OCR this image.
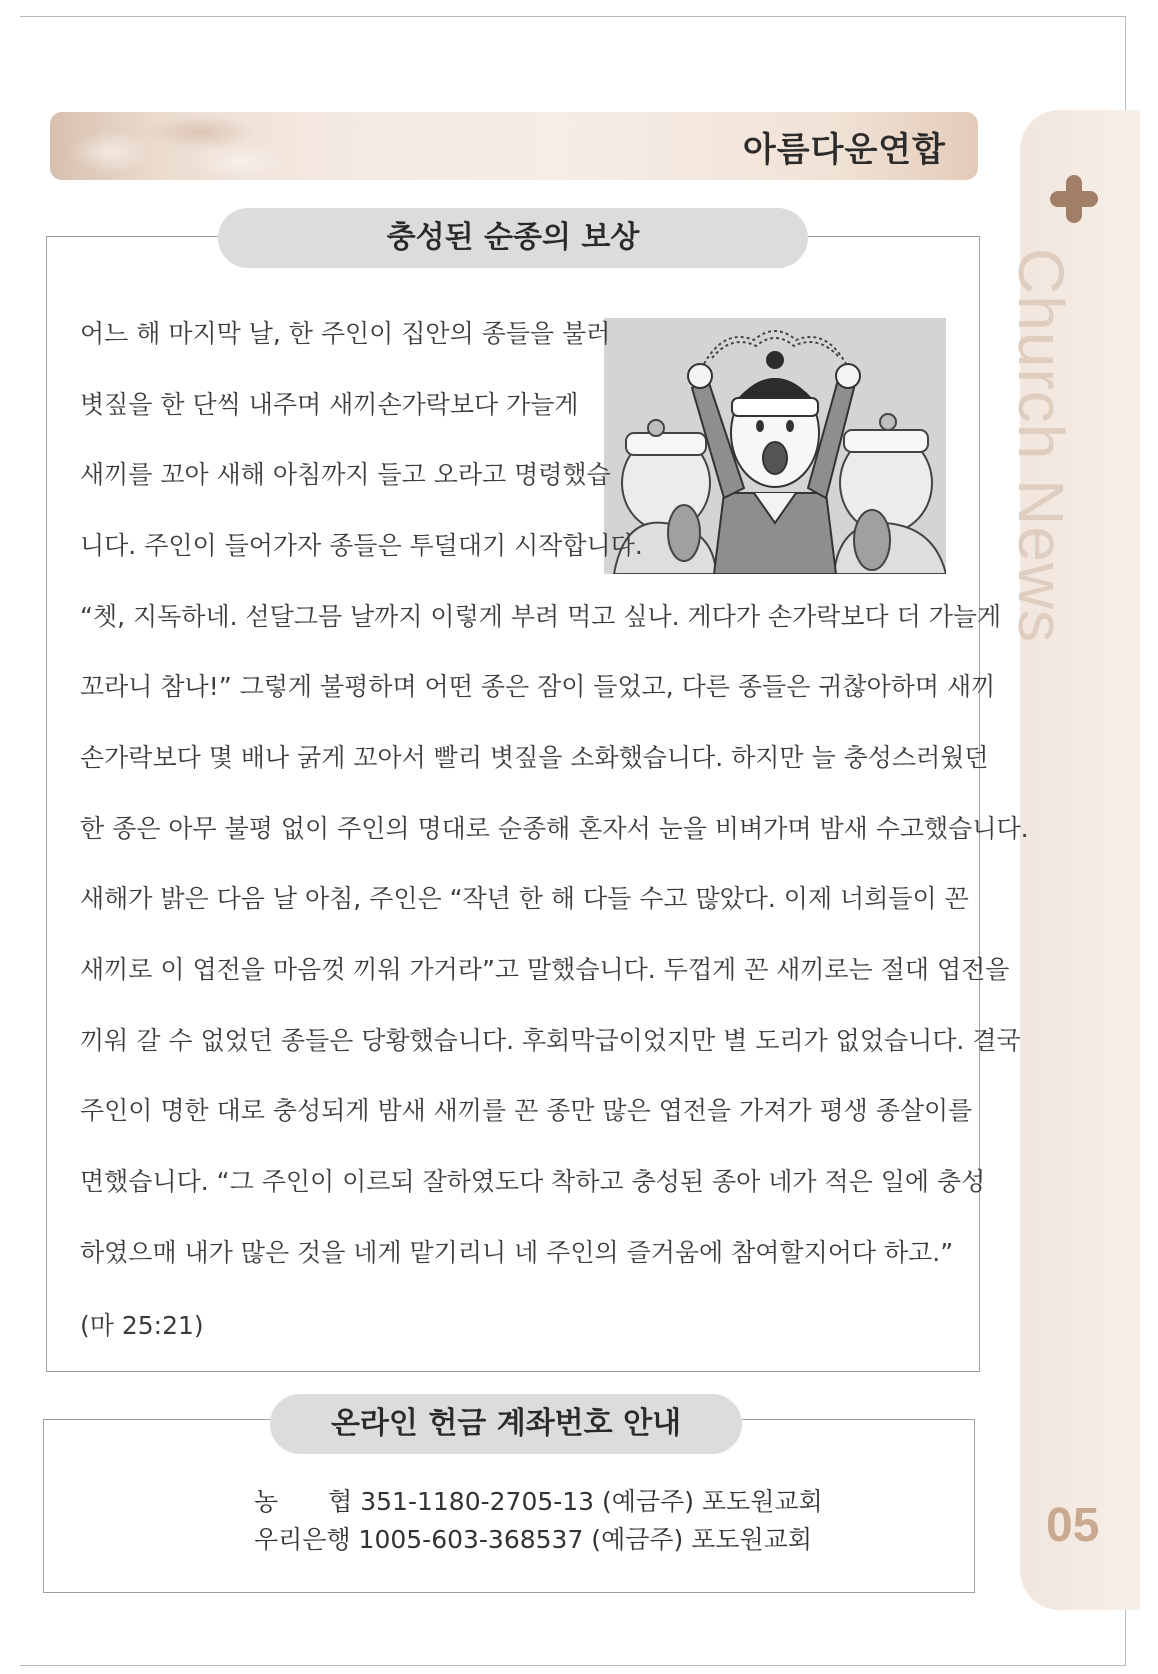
Church News
05
아름다운연합
충성된 순종의 보상
어느 해 마지막 날, 한 주인이 집안의 종들을 불러
볏짚을 한 단씩 내주며 새끼손가락보다 가늘게
새끼를 꼬아 새해 아침까지 들고 오라고 명령했습
니다. 주인이 들어가자 종들은 투덜대기 시작합니다.
“쳇, 지독하네. 섣달그믐 날까지 이렇게 부려 먹고 싶나. 게다가 손가락보다 더 가늘게
꼬라니 참나!” 그렇게 불평하며 어떤 종은 잠이 들었고, 다른 종들은 귀찮아하며 새끼
손가락보다 몇 배나 굵게 꼬아서 빨리 볏짚을 소화했습니다. 하지만 늘 충성스러웠던
한 종은 아무 불평 없이 주인의 명대로 순종해 혼자서 눈을 비벼가며 밤새 수고했습니다.
새해가 밝은 다음 날 아침, 주인은 “작년 한 해 다들 수고 많았다. 이제 너희들이 꼰
새끼로 이 엽전을 마음껏 끼워 가거라”고 말했습니다. 두껍게 꼰 새끼로는 절대 엽전을
끼워 갈 수 없었던 종들은 당황했습니다. 후회막급이었지만 별 도리가 없었습니다. 결국
주인이 명한 대로 충성되게 밤새 새끼를 꼰 종만 많은 엽전을 가져가 평생 종살이를
면했습니다. “그 주인이 이르되 잘하였도다 착하고 충성된 종아 네가 적은 일에 충성
하였으매 내가 많은 것을 네게 맡기리니 네 주인의 즐거움에 참여할지어다 하고.”
(마 25:21)
온라인 헌금 계좌번호 안내
농　　협 351-1180-2705-13 (예금주) 포도원교회
우리은행 1005-603-368537 (예금주) 포도원교회
